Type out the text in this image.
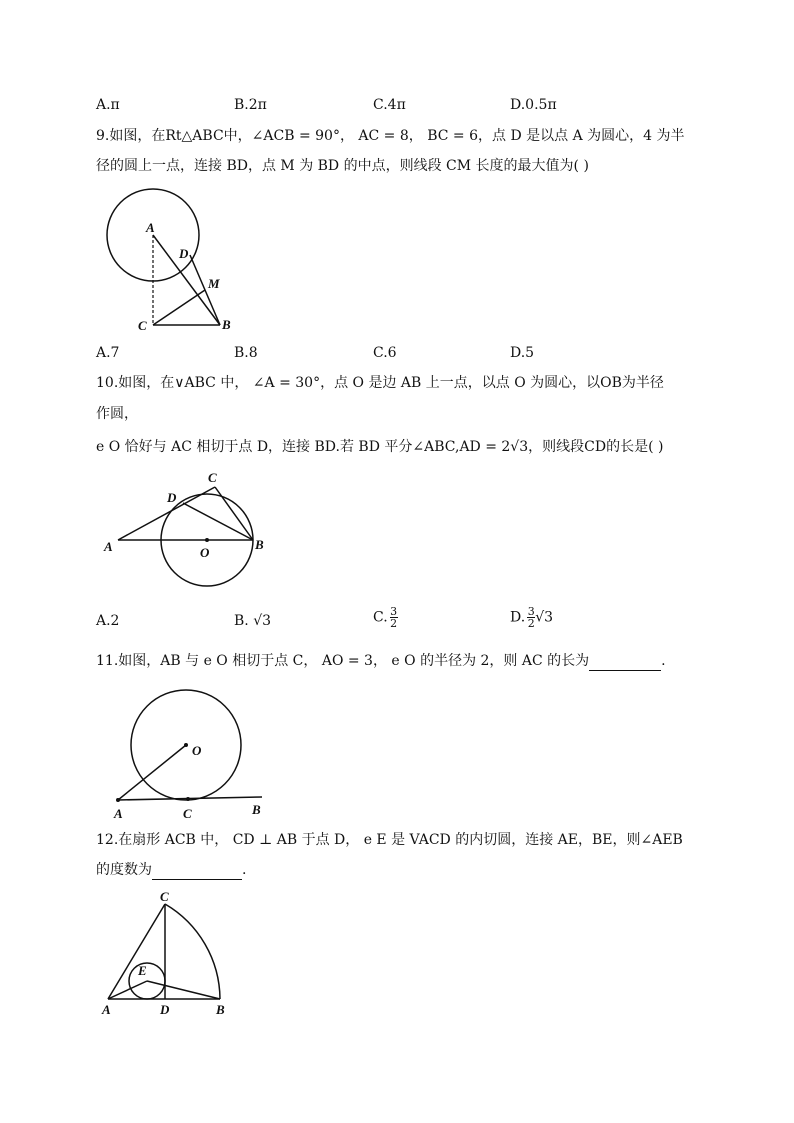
A.π	B.2π	C.4π	D.0.5π
9.如图，在Rt△ABC中，∠ACB = 90°， AC = 8， BC = 6，点 D 是以点 A 为圆心，4 为半
径的圆上一点，连接 BD，点 M 为 BD 的中点，则线段 CM 长度的最大值为( )
A
D
M
C	B
A.7	B.8	C.6	D.5
10.如图，在∨ABC 中， ∠A = 30°，点 O 是边 AB 上一点，以点 O 为圆心，以OB为半径
作圆，
e O 恰好与 AC 相切于点 D，连接 BD.若 BD 平分∠ABC,AD = 2√3，则线段CD的长是( )
A
D
C
O
B
A.2	B. √3	C. $\frac{3}{2}$	D. $\frac{3}{2} √3$
11.如图，AB 与 e O 相切于点 C， AO = 3， e O 的半径为 2，则 AC 的长为	.
O
A	C	B
12.在扇形 ACB 中， CD ⊥ AB 于点 D， e E 是 VACD 的内切圆，连接 AE，BE，则∠AEB
的度数为	.
C
E
A	D	B
